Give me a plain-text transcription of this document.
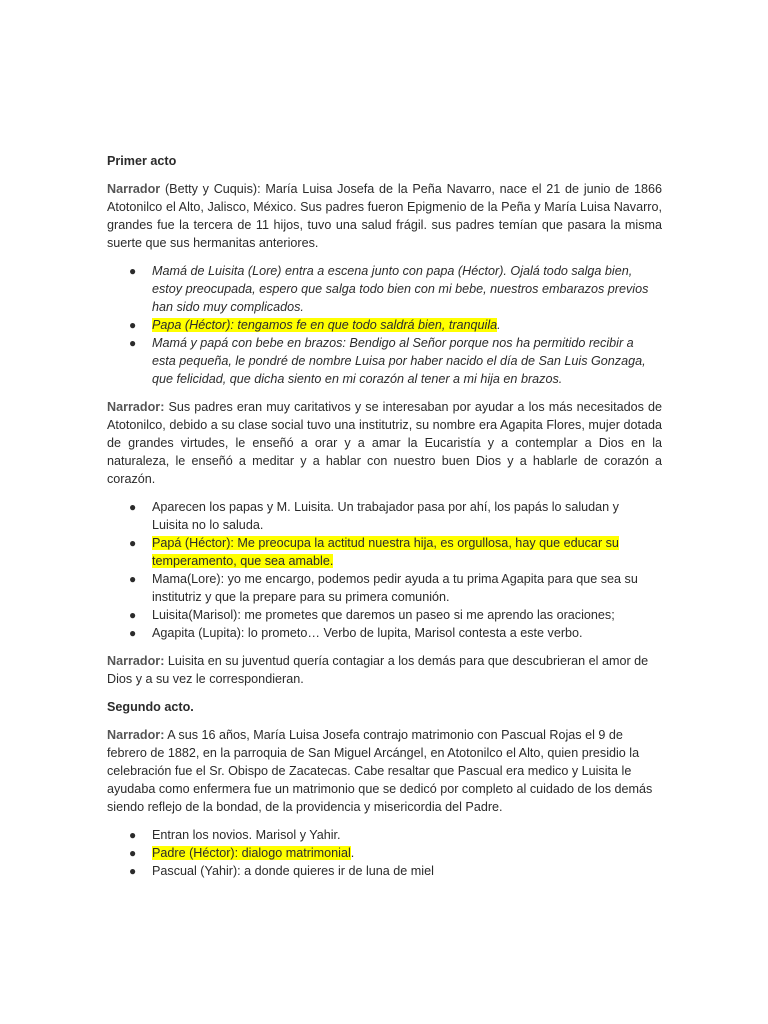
Primer acto

Narrador (Betty y Cuquis): María Luisa Josefa de la Peña Navarro, nace el 21 de junio de 1866 Atotonilco el Alto, Jalisco, México. Sus padres fueron Epigmenio de la Peña y María Luisa Navarro, grandes fue la tercera de 11 hijos, tuvo una salud frágil. sus padres temían que pasara la misma suerte que sus hermanitas anteriores.

● Mamá de Luisita (Lore) entra a escena junto con papa (Héctor). Ojalá todo salga bien, estoy preocupada, espero que salga todo bien con mi bebe, nuestros embarazos previos han sido muy complicados.
● Papa (Héctor): tengamos fe en que todo saldrá bien, tranquila.
● Mamá y papá con bebe en brazos: Bendigo al Señor porque nos ha permitido recibir a esta pequeña, le pondré de nombre Luisa por haber nacido el día de San Luis Gonzaga, que felicidad, que dicha siento en mi corazón al tener a mi hija en brazos.

Narrador: Sus padres eran muy caritativos y se interesaban por ayudar a los más necesitados de Atotonilco, debido a su clase social tuvo una institutriz, su nombre era Agapita Flores, mujer dotada de grandes virtudes, le enseñó a orar y a amar la Eucaristía y a contemplar a Dios en la naturaleza, le enseñó a meditar y a hablar con nuestro buen Dios y a hablarle de corazón a corazón.

● Aparecen los papas y M. Luisita. Un trabajador pasa por ahí, los papás lo saludan y Luisita no lo saluda.
● Papá (Héctor): Me preocupa la actitud nuestra hija, es orgullosa, hay que educar su temperamento, que sea amable.
● Mama(Lore): yo me encargo, podemos pedir ayuda a tu prima Agapita para que sea su institutriz y que la prepare para su primera comunión.
● Luisita(Marisol): me prometes que daremos un paseo si me aprendo las oraciones;
● Agapita (Lupita): lo prometo… Verbo de lupita, Marisol contesta a este verbo.

Narrador: Luisita en su juventud quería contagiar a los demás para que descubrieran el amor de Dios y a su vez le correspondieran.

Segundo acto.

Narrador: A sus 16 años, María Luisa Josefa contrajo matrimonio con Pascual Rojas el 9 de febrero de 1882, en la parroquia de San Miguel Arcángel, en Atotonilco el Alto, quien presidio la celebración fue el Sr. Obispo de Zacatecas. Cabe resaltar que Pascual era medico y Luisita le ayudaba como enfermera fue un matrimonio que se dedicó por completo al cuidado de los demás siendo reflejo de la bondad, de la providencia y misericordia del Padre.

● Entran los novios. Marisol y Yahir.
● Padre (Héctor): dialogo matrimonial.
● Pascual (Yahir): a donde quieres ir de luna de miel
